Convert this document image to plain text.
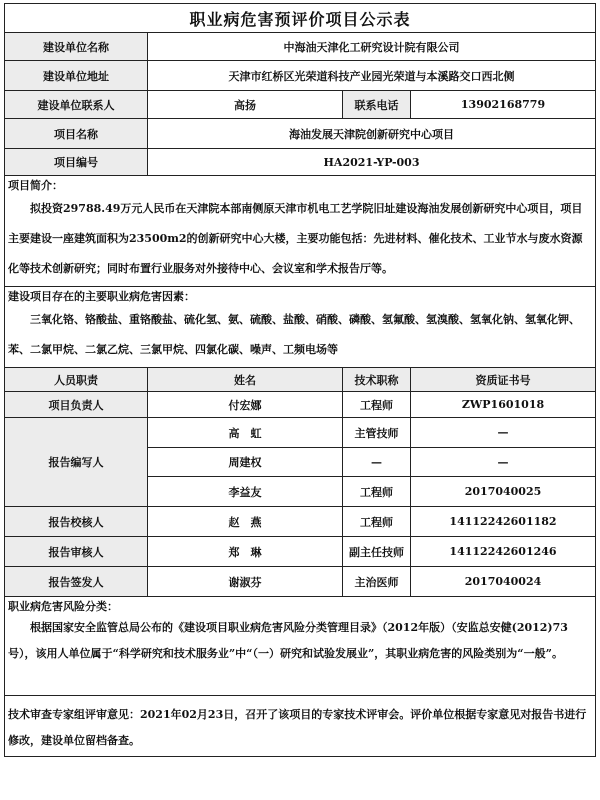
职业病危害预评价项目公示表			
建设单位名称	中海油天津化工研究设计院有限公司		
建设单位地址	天津市红桥区光荣道科技产业园光荣道与本溪路交口西北侧		
建设单位联系人	高扬	联系电话	13902168779
项目名称	海油发展天津院创新研究中心项目		
项目编号	HA2021-YP-003		

项目简介：
拟投资29788.49万元人民币在天津院本部南侧原天津市机电工艺学院旧址建设海油发展创新研究中心项目，项目主要建设一座建筑面积为23500m2的创新研究中心大楼，主要功能包括：先进材料、催化技术、工业节水与废水资源化等技术创新研究；同时布置行业服务对外接待中心、会议室和学术报告厅等。			

建设项目存在的主要职业病危害因素：
三氧化铬、铬酸盐、重铬酸盐、硫化氢、氨、硫酸、盐酸、硝酸、磷酸、氢氟酸、氢溴酸、氢氧化钠、氢氧化钾、苯、二氯甲烷、二氯乙烷、三氯甲烷、四氯化碳、噪声、工频电场等			

人员职责	姓名	技术职称	资质证书号
项目负责人	付宏娜	工程师	ZWP1601018
报告编写人	高　虹	主管技师	—
	周建权	—	—
	李益友	工程师	2017040025
报告校核人	赵　燕	工程师	14112242601182
报告审核人	郑　琳	副主任技师	14112242601246
报告签发人	谢淑芬	主治医师	2017040024

职业病危害风险分类：
根据国家安全监管总局公布的《建设项目职业病危害风险分类管理目录》（2012年版）（安监总安健(2012)73号），该用人单位属于“科学研究和技术服务业”中“（一）研究和试验发展业”，其职业病危害的风险类别为“一般”。			

技术审查专家组评审意见：2021年02月23日，召开了该项目的专家技术评审会。评价单位根据专家意见对报告书进行修改，建设单位留档备查。			
